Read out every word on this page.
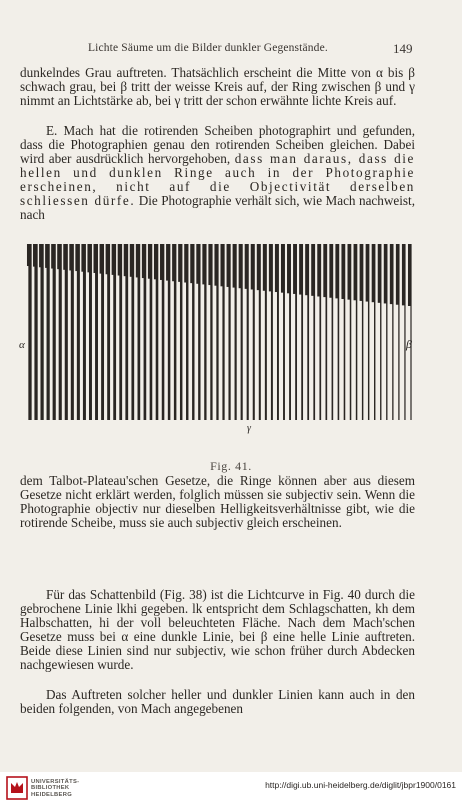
Lichte Säume um die Bilder dunkler Gegenstände.	149

dunkelndes Grau auftreten. Thatsächlich erscheint die Mitte von α bis β schwach grau, bei β tritt der weisse Kreis auf, der Ring zwischen β und γ nimmt an Lichtstärke ab, bei γ tritt der schon erwähnte lichte Kreis auf.

E. Mach hat die rotirenden Scheiben photographirt und gefunden, dass die Photographien genau den rotirenden Scheiben gleichen. Dabei wird aber ausdrücklich hervorgehoben, dass man daraus, dass die hellen und dunklen Ringe auch in der Photographie erscheinen, nicht auf die Objectivität derselben schliessen dürfe. Die Photographie verhält sich, wie Mach nachweist, nach

α	β
γ
Fig. 41.

dem Talbot-Plateau'schen Gesetze, die Ringe können aber aus diesem Gesetze nicht erklärt werden, folglich müssen sie subjectiv sein. Wenn die Photographie objectiv nur dieselben Helligkeitsverhältnisse gibt, wie die rotirende Scheibe, muss sie auch subjectiv gleich erscheinen.

Für das Schattenbild (Fig. 38) ist die Lichtcurve in Fig. 40 durch die gebrochene Linie lkhi gegeben. lk entspricht dem Schlagschatten, kh dem Halbschatten, hi der voll beleuchteten Fläche. Nach dem Mach'schen Gesetze muss bei α eine dunkle Linie, bei β eine helle Linie auftreten. Beide diese Linien sind nur subjectiv, wie schon früher durch Abdecken nachgewiesen wurde.

Das Auftreten solcher heller und dunkler Linien kann auch in den beiden folgenden, von Mach angegebenen

UNIVERSITÄTS-
BIBLIOTHEK
HEIDELBERG
http://digi.ub.uni-heidelberg.de/diglit/jbpr1900/0161
